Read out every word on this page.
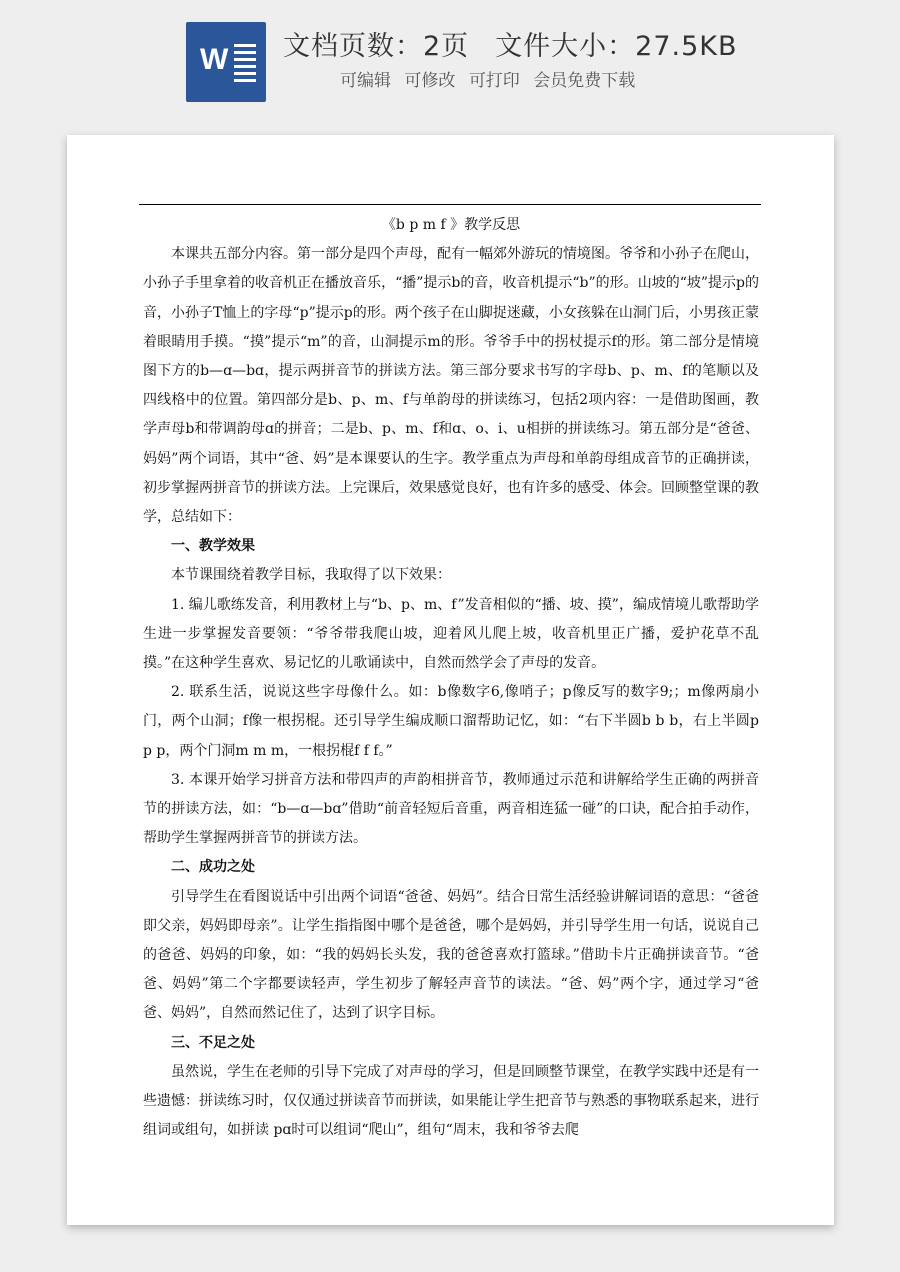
W 文档页数：2页 文件大小：27.5KB
可编辑 可修改 可打印 会员免费下载
《b p m f 》教学反思

本课共五部分内容。第一部分是四个声母，配有一幅郊外游玩的情境图。爷爷和小孙子在爬山，小孙子手里拿着的收音机正在播放音乐，“播”提示b的音，收音机提示“b”的形。山坡的“坡”提示p的音，小孙子T恤上的字母“p”提示p的形。两个孩子在山脚捉迷藏，小女孩躲在山洞门后，小男孩正蒙着眼睛用手摸。“摸”提示“m”的音，山洞提示m的形。爷爷手中的拐杖提示f的形。第二部分是情境图下方的b—ɑ—bɑ，提示两拼音节的拼读方法。第三部分要求书写的字母b、p、m、f的笔顺以及四线格中的位置。第四部分是b、p、m、f与单韵母的拼读练习，包括2项内容：一是借助图画，教学声母b和带调韵母ɑ的拼音；二是b、p、m、f和ɑ、o、i、u相拼的拼读练习。第五部分是“爸爸、妈妈”两个词语，其中“爸、妈”是本课要认的生字。教学重点为声母和单韵母组成音节的正确拼读，初步掌握两拼音节的拼读方法。上完课后，效果感觉良好，也有许多的感受、体会。回顾整堂课的教学，总结如下：

一、教学效果

本节课围绕着教学目标，我取得了以下效果：

1. 编儿歌练发音，利用教材上与“b、p、m、f”发音相似的“播、坡、摸”，编成情境儿歌帮助学生进一步掌握发音要领：“爷爷带我爬山坡，迎着风儿爬上坡，收音机里正广播，爱护花草不乱摸。”在这种学生喜欢、易记忆的儿歌诵读中，自然而然学会了声母的发音。

2. 联系生活，说说这些字母像什么。如：b像数字6,像哨子；p像反写的数字9;；m像两扇小门，两个山洞；f像一根拐棍。还引导学生编成顺口溜帮助记忆，如：“右下半圆b b b，右上半圆p p p，两个门洞m m m，一根拐棍f f f。”

3. 本课开始学习拼音方法和带四声的声韵相拼音节，教师通过示范和讲解给学生正确的两拼音节的拼读方法，如：“b—ɑ—bɑ”借助“前音轻短后音重，两音相连猛一碰”的口诀，配合拍手动作，帮助学生掌握两拼音节的拼读方法。

二、成功之处

引导学生在看图说话中引出两个词语“爸爸、妈妈”。结合日常生活经验讲解词语的意思：“爸爸即父亲，妈妈即母亲”。让学生指指图中哪个是爸爸，哪个是妈妈，并引导学生用一句话，说说自己的爸爸、妈妈的印象，如：“我的妈妈长头发，我的爸爸喜欢打篮球。”借助卡片正确拼读音节。“爸爸、妈妈”第二个字都要读轻声，学生初步了解轻声音节的读法。“爸、妈”两个字，通过学习“爸爸、妈妈”，自然而然记住了，达到了识字目标。

三、不足之处

虽然说，学生在老师的引导下完成了对声母的学习，但是回顾整节课堂，在教学实践中还是有一些遗憾：拼读练习时，仅仅通过拼读音节而拼读，如果能让学生把音节与熟悉的事物联系起来，进行组词或组句，如拼读 pɑ时可以组词“爬山”，组句“周末，我和爷爷去爬
